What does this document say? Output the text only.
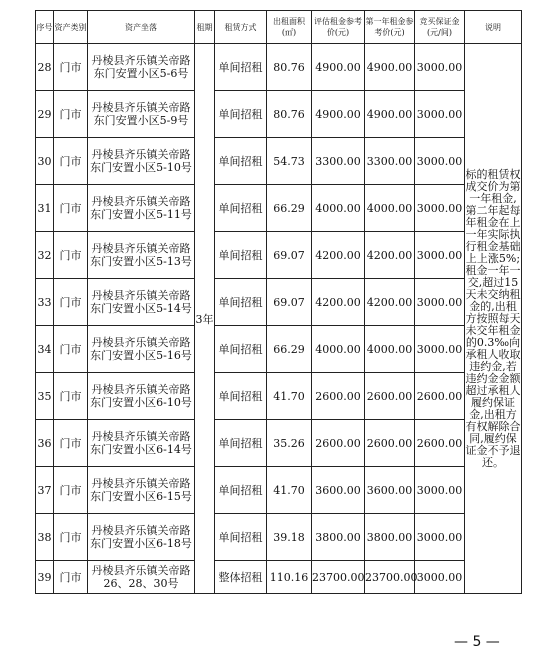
序号	资产类别	资产坐落	租期	租赁方式	出租面积(㎡)	评估租金参考价(元)	第一年租金参考价(元)	竞买保证金(元/间)	说明
28	门市	丹棱县齐乐镇关帝路东门安置小区5-6号	3年	单间招租	80.76	4900.00	4900.00	3000.00	标的租赁权成交价为第一年租金,第二年起每年租金在上一年实际执行租金基础上上涨5%;租金一年一交,超过15天未交纳租金的,出租方按照每天未交年租金的0.3‰向承租人收取违约金,若违约金金额超过承租人履约保证金,出租方有权解除合同,履约保证金不予退还。
29	门市	丹棱县齐乐镇关帝路东门安置小区5-9号		单间招租	80.76	4900.00	4900.00	3000.00	
30	门市	丹棱县齐乐镇关帝路东门安置小区5-10号		单间招租	54.73	3300.00	3300.00	3000.00	
31	门市	丹棱县齐乐镇关帝路东门安置小区5-11号		单间招租	66.29	4000.00	4000.00	3000.00	
32	门市	丹棱县齐乐镇关帝路东门安置小区5-13号		单间招租	69.07	4200.00	4200.00	3000.00	
33	门市	丹棱县齐乐镇关帝路东门安置小区5-14号		单间招租	69.07	4200.00	4200.00	3000.00	
34	门市	丹棱县齐乐镇关帝路东门安置小区5-16号		单间招租	66.29	4000.00	4000.00	3000.00	
35	门市	丹棱县齐乐镇关帝路东门安置小区6-10号		单间招租	41.70	2600.00	2600.00	2600.00	
36	门市	丹棱县齐乐镇关帝路东门安置小区6-14号		单间招租	35.26	2600.00	2600.00	2600.00	
37	门市	丹棱县齐乐镇关帝路东门安置小区6-15号		单间招租	41.70	3600.00	3600.00	3000.00	
38	门市	丹棱县齐乐镇关帝路东门安置小区6-18号		单间招租	39.18	3800.00	3800.00	3000.00	
39	门市	丹棱县齐乐镇关帝路26、28、30号		整体招租	110.16	23700.00	23700.00	3000.00	
— 5 —
